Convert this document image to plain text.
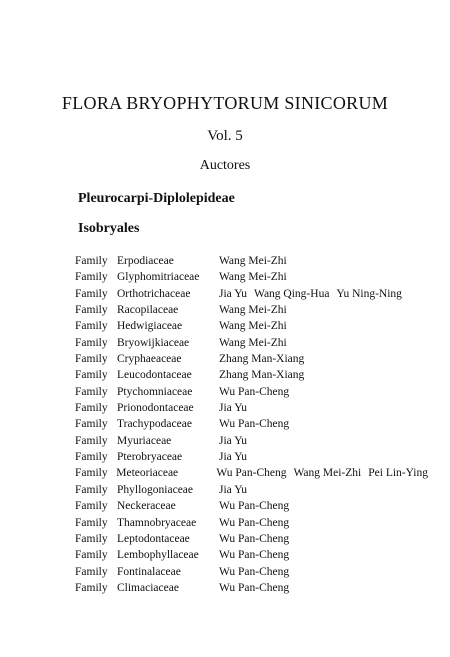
FLORA BRYOPHYTORUM SINICORUM
Vol. 5
Auctores
Pleurocarpi-Diplolepideae
Isobryales
Family Erpodiaceae	Wang Mei-Zhi
Family Glyphomitriaceae	Wang Mei-Zhi
Family Orthotrichaceae	Jia Yu Wang Qing-Hua Yu Ning-Ning
Family Racopilaceae	Wang Mei-Zhi
Family Hedwigiaceae	Wang Mei-Zhi
Family Bryowijkiaceae	Wang Mei-Zhi
Family Cryphaeaceae	Zhang Man-Xiang
Family Leucodontaceae	Zhang Man-Xiang
Family Ptychomniaceae	Wu Pan-Cheng
Family Prionodontaceae	Jia Yu
Family Trachypodaceae	Wu Pan-Cheng
Family Myuriaceae	Jia Yu
Family Pterobryaceae	Jia Yu
Family Meteoriaceae	Wu Pan-Cheng Wang Mei-Zhi Pei Lin-Ying
Family Phyllogoniaceae	Jia Yu
Family Neckeraceae	Wu Pan-Cheng
Family Thamnobryaceae	Wu Pan-Cheng
Family Leptodontaceae	Wu Pan-Cheng
Family Lembophyllaceae	Wu Pan-Cheng
Family Fontinalaceae	Wu Pan-Cheng
Family Climaciaceae	Wu Pan-Cheng
